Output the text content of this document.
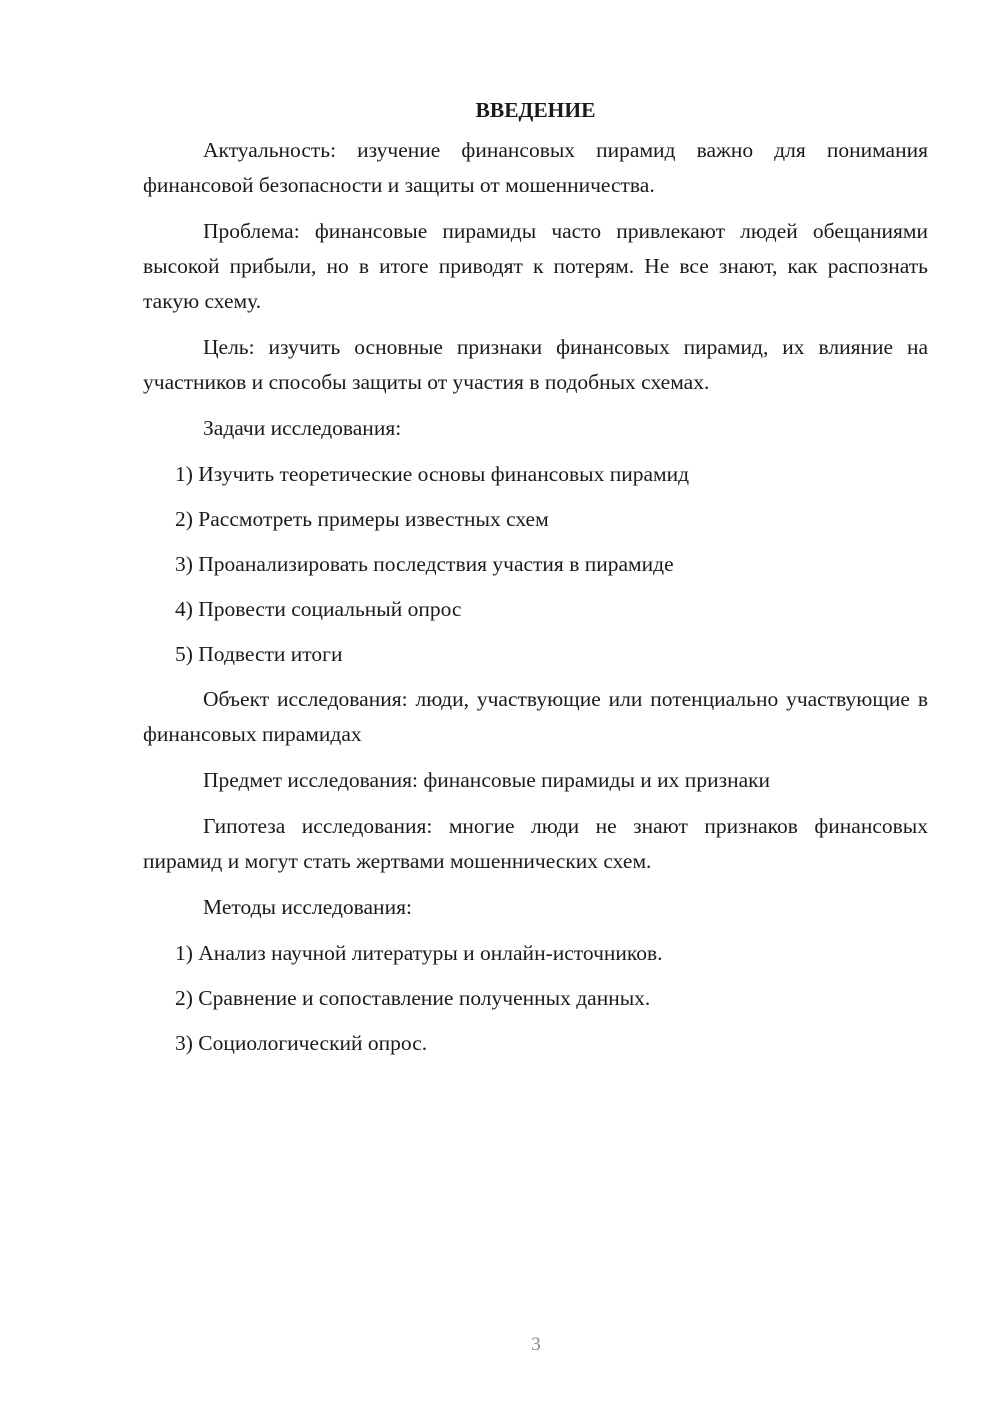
ВВЕДЕНИЕ
Актуальность: изучение финансовых пирамид важно для понимания финансовой безопасности и защиты от мошенничества.
Проблема: финансовые пирамиды часто привлекают людей обещаниями высокой прибыли, но в итоге приводят к потерям. Не все знают, как распознать такую схему.
Цель: изучить основные признаки финансовых пирамид, их влияние на участников и способы защиты от участия в подобных схемах.
Задачи исследования:
1) Изучить теоретические основы финансовых пирамид
2) Рассмотреть примеры известных схем
3) Проанализировать последствия участия в пирамиде
4) Провести социальный опрос
5) Подвести итоги
Объект исследования: люди, участвующие или потенциально участвующие в финансовых пирамидах
Предмет исследования: финансовые пирамиды и их признаки
Гипотеза исследования: многие люди не знают признаков финансовых пирамид и могут стать жертвами мошеннических схем.
Методы исследования:
1) Анализ научной литературы и онлайн-источников.
2) Сравнение и сопоставление полученных данных.
3) Социологический опрос.
3
